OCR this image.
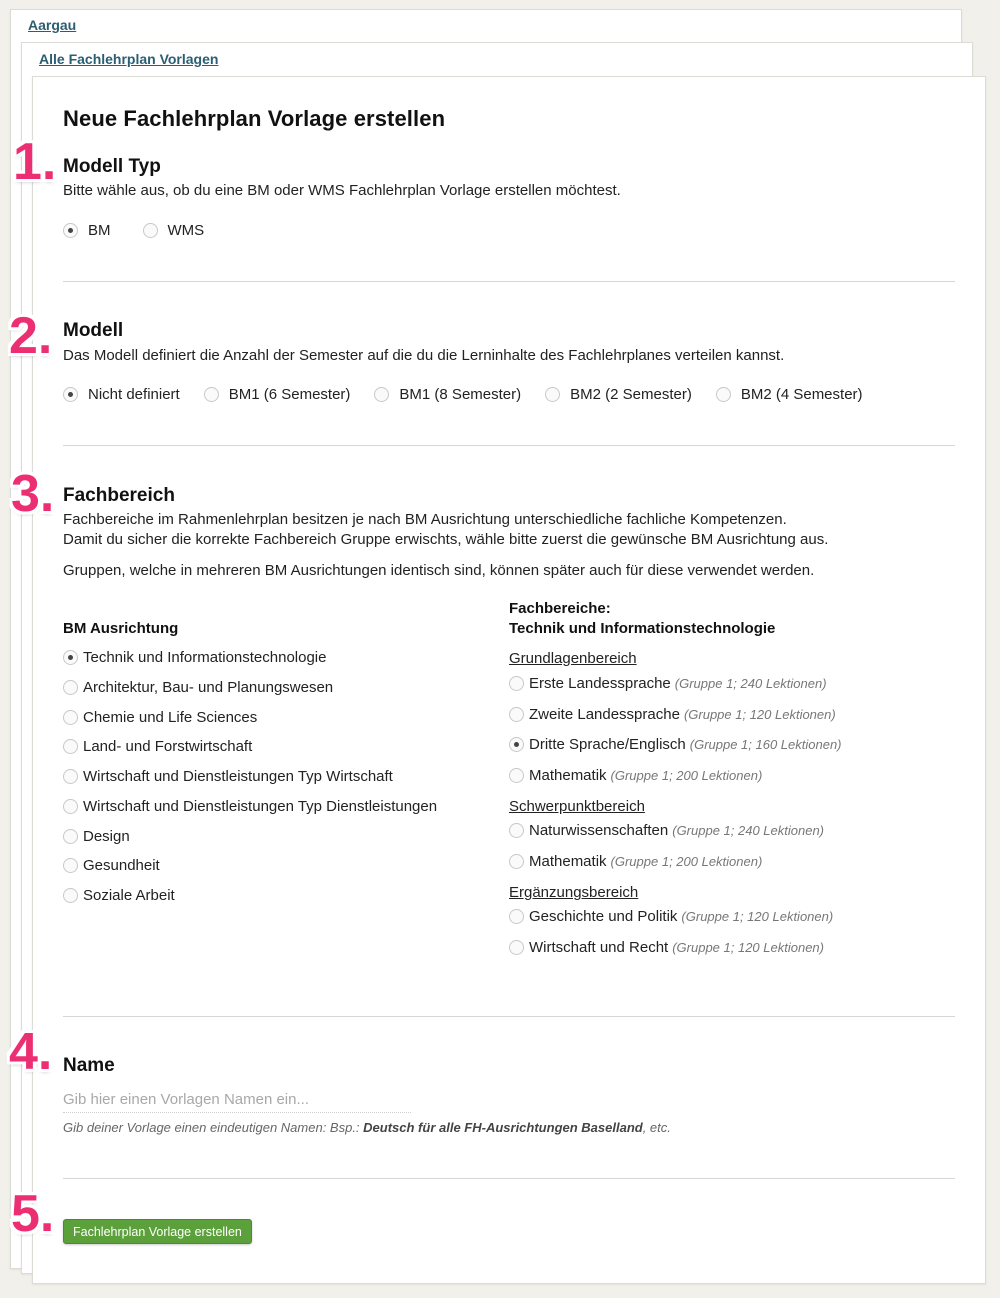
Aargau
Alle Fachlehrplan Vorlagen
Neue Fachlehrplan Vorlage erstellen
1. Modell Typ
Bitte wähle aus, ob du eine BM oder WMS Fachlehrplan Vorlage erstellen möchtest.
BM	WMS
2. Modell
Das Modell definiert die Anzahl der Semester auf die du die Lerninhalte des Fachlehrplanes verteilen kannst.
Nicht definiert	BM1 (6 Semester)	BM1 (8 Semester)	BM2 (2 Semester)	BM2 (4 Semester)
3. Fachbereich
Fachbereiche im Rahmenlehrplan besitzen je nach BM Ausrichtung unterschiedliche fachliche Kompetenzen.
Damit du sicher die korrekte Fachbereich Gruppe erwischts, wähle bitte zuerst die gewünsche BM Ausrichtung aus.
Gruppen, welche in mehreren BM Ausrichtungen identisch sind, können später auch für diese verwendet werden.
BM Ausrichtung
Technik und Informationstechnologie
Architektur, Bau- und Planungswesen
Chemie und Life Sciences
Land- und Forstwirtschaft
Wirtschaft und Dienstleistungen Typ Wirtschaft
Wirtschaft und Dienstleistungen Typ Dienstleistungen
Design
Gesundheit
Soziale Arbeit
Fachbereiche:
Technik und Informationstechnologie
Grundlagenbereich
Erste Landessprache (Gruppe 1; 240 Lektionen)
Zweite Landessprache (Gruppe 1; 120 Lektionen)
Dritte Sprache/Englisch (Gruppe 1; 160 Lektionen)
Mathematik (Gruppe 1; 200 Lektionen)
Schwerpunktbereich
Naturwissenschaften (Gruppe 1; 240 Lektionen)
Mathematik (Gruppe 1; 200 Lektionen)
Ergänzungsbereich
Geschichte und Politik (Gruppe 1; 120 Lektionen)
Wirtschaft und Recht (Gruppe 1; 120 Lektionen)
4. Name
Gib hier einen Vorlagen Namen ein...
Gib deiner Vorlage einen eindeutigen Namen: Bsp.: Deutsch für alle FH-Ausrichtungen Baselland, etc.
5.	Fachlehrplan Vorlage erstellen
